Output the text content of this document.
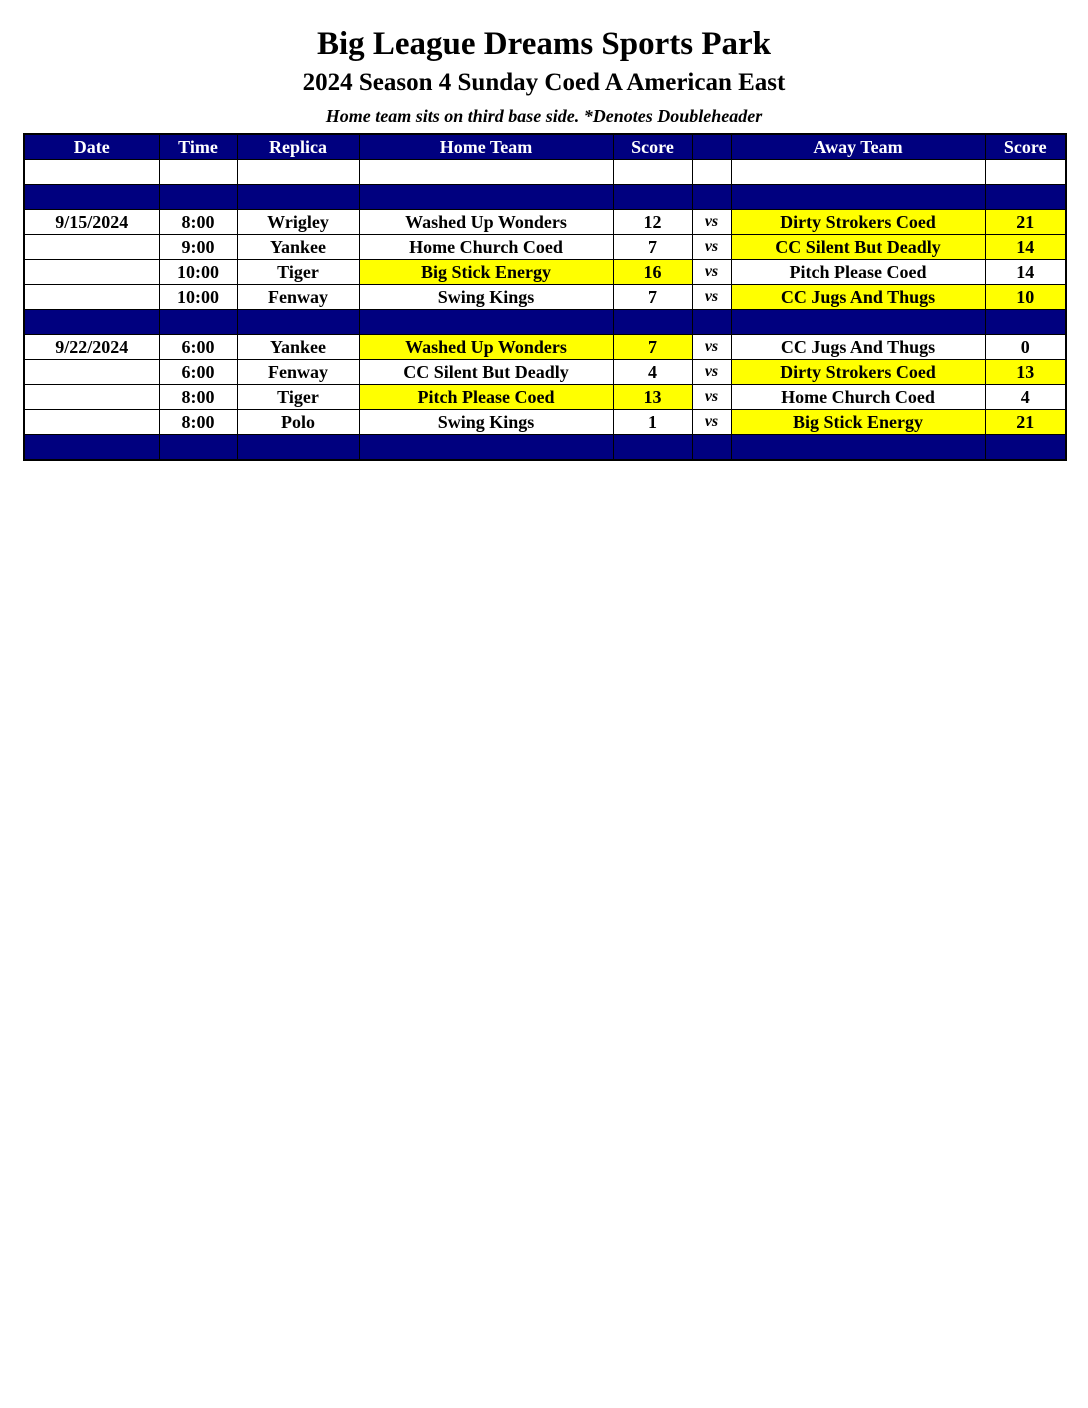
Big League Dreams Sports Park
2024 Season 4 Sunday Coed A American East
Home team sits on third base side. *Denotes Doubleheader
Date	Time	Replica	Home Team	Score		Away Team	Score

9/15/2024	8:00	Wrigley	Washed Up Wonders	12	vs	Dirty Strokers Coed	21
	9:00	Yankee	Home Church Coed	7	vs	CC Silent But Deadly	14
	10:00	Tiger	Big Stick Energy	16	vs	Pitch Please Coed	14
	10:00	Fenway	Swing Kings	7	vs	CC Jugs And Thugs	10

9/22/2024	6:00	Yankee	Washed Up Wonders	7	vs	CC Jugs And Thugs	0
	6:00	Fenway	CC Silent But Deadly	4	vs	Dirty Strokers Coed	13
	8:00	Tiger	Pitch Please Coed	13	vs	Home Church Coed	4
	8:00	Polo	Swing Kings	1	vs	Big Stick Energy	21
